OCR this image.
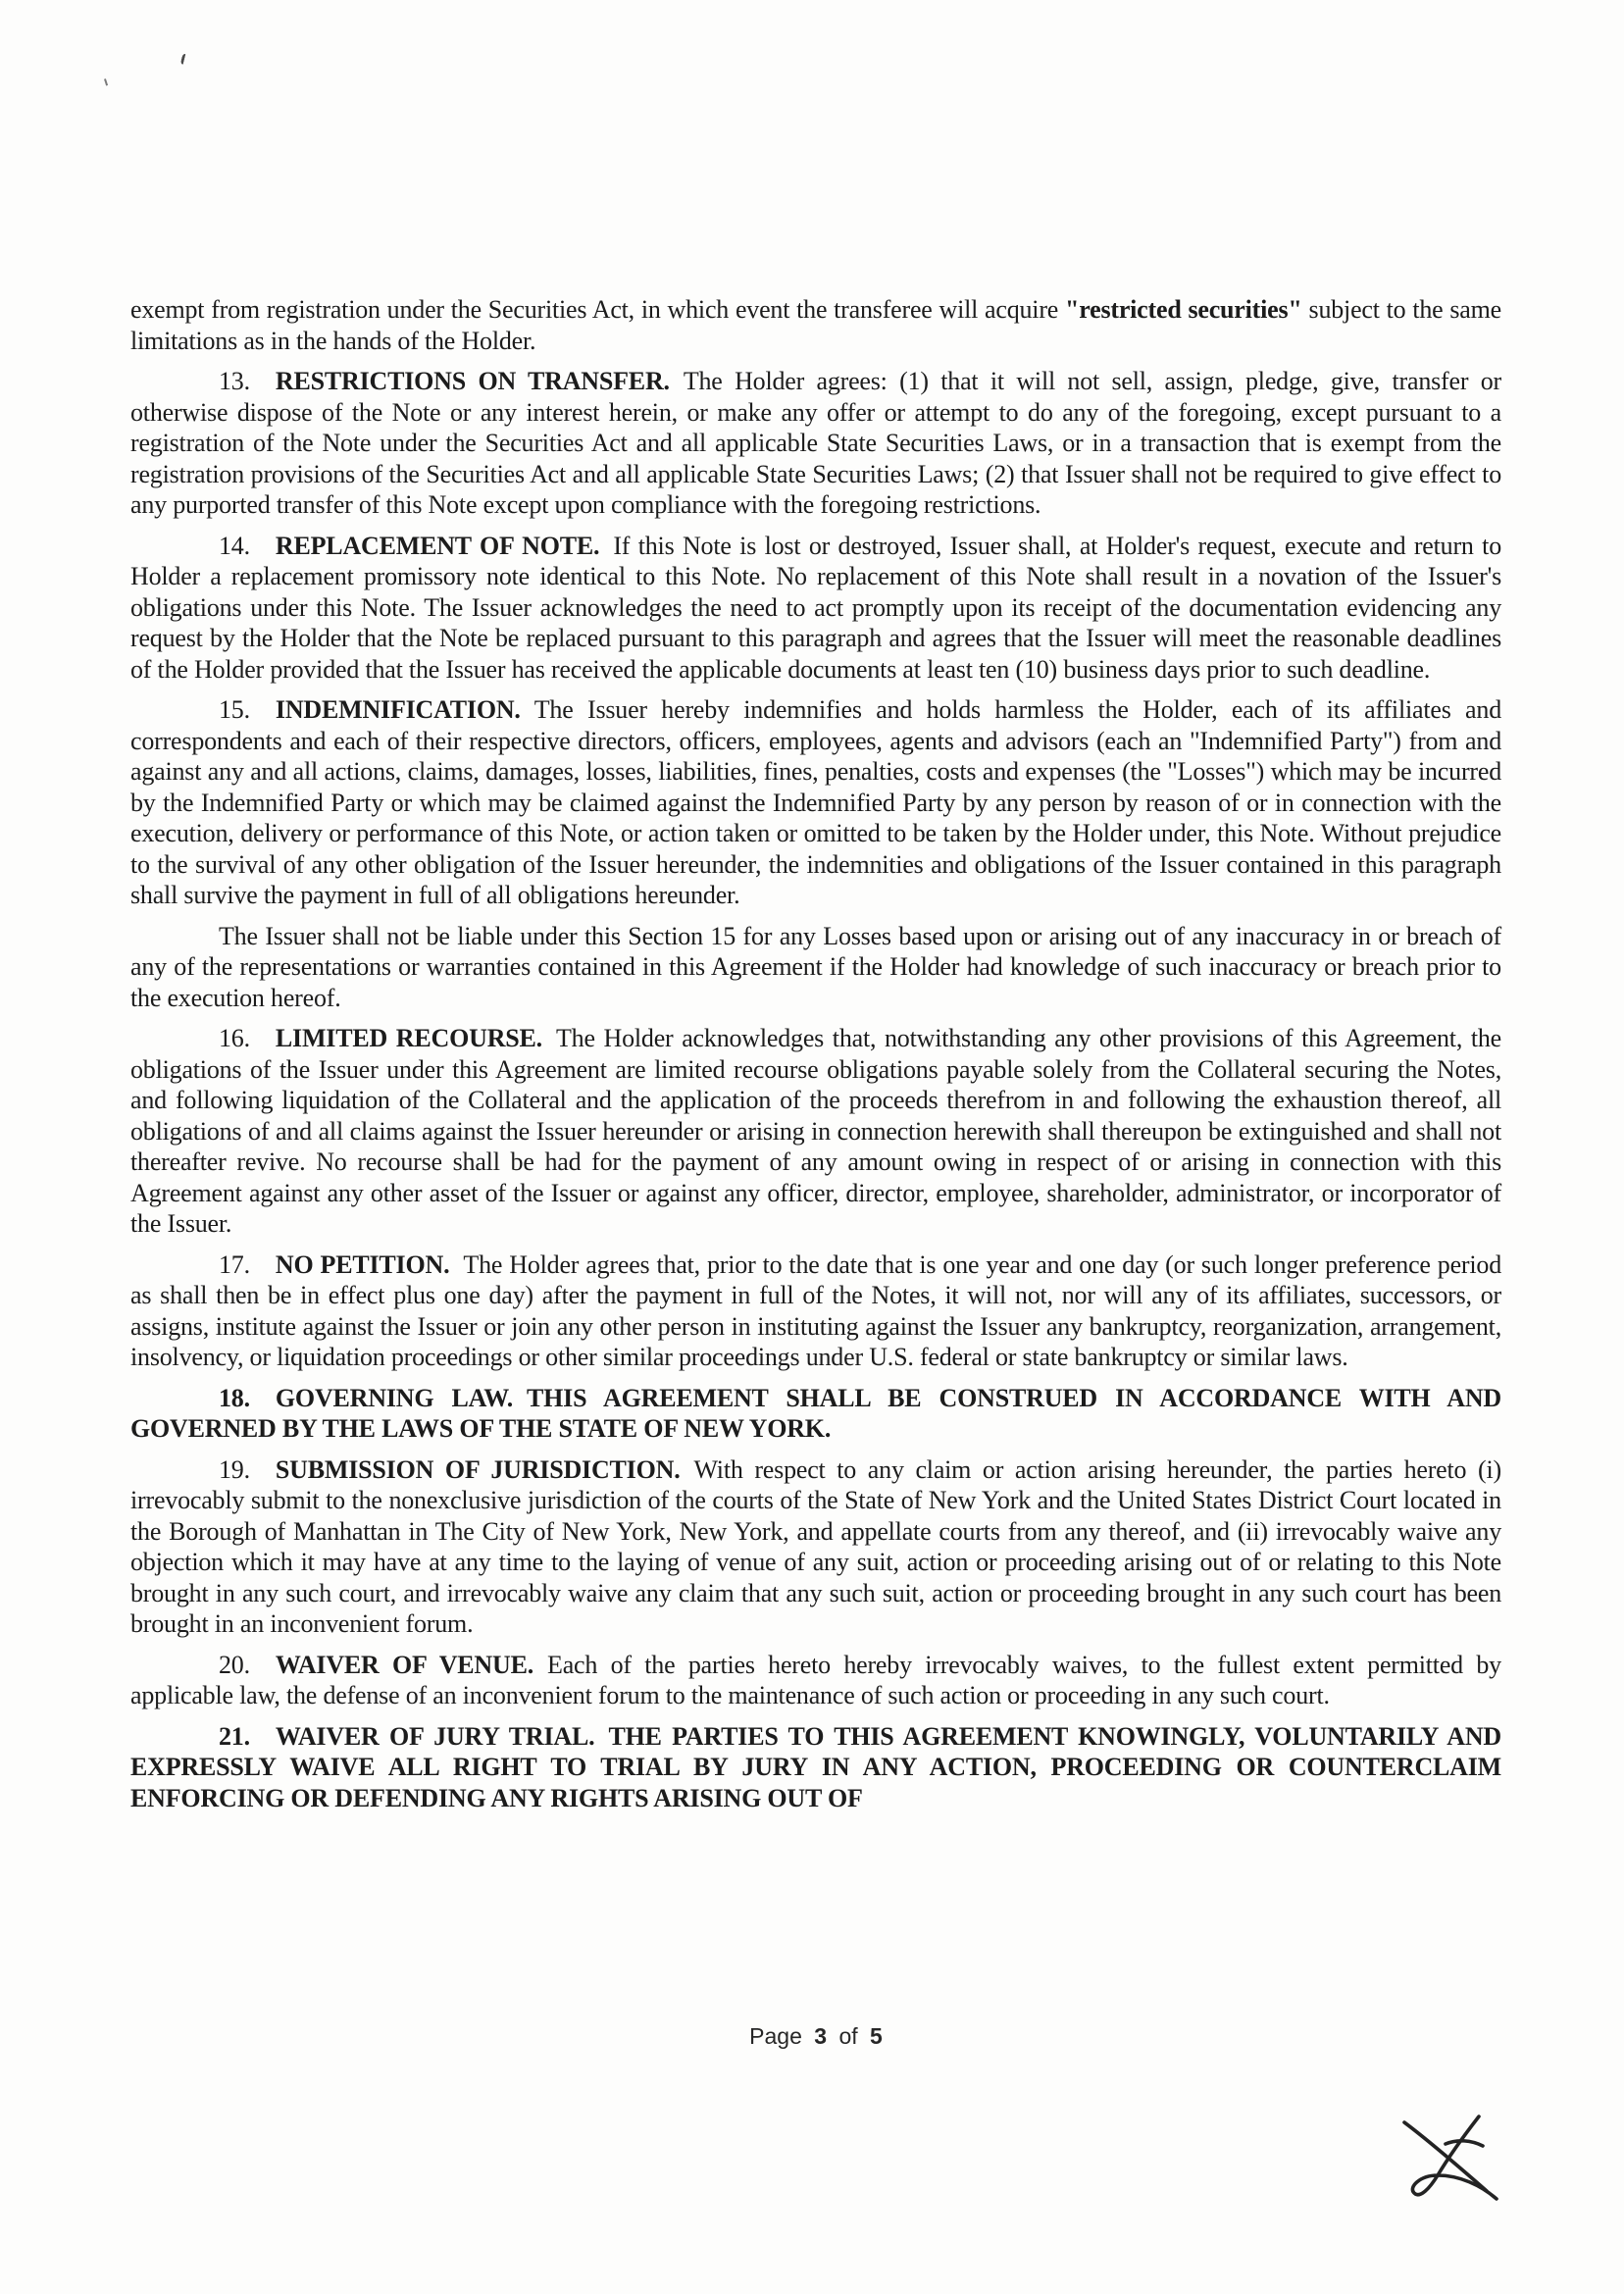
exempt from registration under the Securities Act, in which event the transferee will acquire "restricted securities" subject to the same limitations as in the hands of the Holder.

13. RESTRICTIONS ON TRANSFER. The Holder agrees: (1) that it will not sell, assign, pledge, give, transfer or otherwise dispose of the Note or any interest herein, or make any offer or attempt to do any of the foregoing, except pursuant to a registration of the Note under the Securities Act and all applicable State Securities Laws, or in a transaction that is exempt from the registration provisions of the Securities Act and all applicable State Securities Laws; (2) that Issuer shall not be required to give effect to any purported transfer of this Note except upon compliance with the foregoing restrictions.

14. REPLACEMENT OF NOTE. If this Note is lost or destroyed, Issuer shall, at Holder's request, execute and return to Holder a replacement promissory note identical to this Note. No replacement of this Note shall result in a novation of the Issuer's obligations under this Note. The Issuer acknowledges the need to act promptly upon its receipt of the documentation evidencing any request by the Holder that the Note be replaced pursuant to this paragraph and agrees that the Issuer will meet the reasonable deadlines of the Holder provided that the Issuer has received the applicable documents at least ten (10) business days prior to such deadline.

15. INDEMNIFICATION. The Issuer hereby indemnifies and holds harmless the Holder, each of its affiliates and correspondents and each of their respective directors, officers, employees, agents and advisors (each an "Indemnified Party") from and against any and all actions, claims, damages, losses, liabilities, fines, penalties, costs and expenses (the "Losses") which may be incurred by the Indemnified Party or which may be claimed against the Indemnified Party by any person by reason of or in connection with the execution, delivery or performance of this Note, or action taken or omitted to be taken by the Holder under, this Note. Without prejudice to the survival of any other obligation of the Issuer hereunder, the indemnities and obligations of the Issuer contained in this paragraph shall survive the payment in full of all obligations hereunder.

The Issuer shall not be liable under this Section 15 for any Losses based upon or arising out of any inaccuracy in or breach of any of the representations or warranties contained in this Agreement if the Holder had knowledge of such inaccuracy or breach prior to the execution hereof.

16. LIMITED RECOURSE. The Holder acknowledges that, notwithstanding any other provisions of this Agreement, the obligations of the Issuer under this Agreement are limited recourse obligations payable solely from the Collateral securing the Notes, and following liquidation of the Collateral and the application of the proceeds therefrom in and following the exhaustion thereof, all obligations of and all claims against the Issuer hereunder or arising in connection herewith shall thereupon be extinguished and shall not thereafter revive. No recourse shall be had for the payment of any amount owing in respect of or arising in connection with this Agreement against any other asset of the Issuer or against any officer, director, employee, shareholder, administrator, or incorporator of the Issuer.

17. NO PETITION. The Holder agrees that, prior to the date that is one year and one day (or such longer preference period as shall then be in effect plus one day) after the payment in full of the Notes, it will not, nor will any of its affiliates, successors, or assigns, institute against the Issuer or join any other person in instituting against the Issuer any bankruptcy, reorganization, arrangement, insolvency, or liquidation proceedings or other similar proceedings under U.S. federal or state bankruptcy or similar laws.

18. GOVERNING LAW. THIS AGREEMENT SHALL BE CONSTRUED IN ACCORDANCE WITH AND GOVERNED BY THE LAWS OF THE STATE OF NEW YORK.

19. SUBMISSION OF JURISDICTION. With respect to any claim or action arising hereunder, the parties hereto (i) irrevocably submit to the nonexclusive jurisdiction of the courts of the State of New York and the United States District Court located in the Borough of Manhattan in The City of New York, New York, and appellate courts from any thereof, and (ii) irrevocably waive any objection which it may have at any time to the laying of venue of any suit, action or proceeding arising out of or relating to this Note brought in any such court, and irrevocably waive any claim that any such suit, action or proceeding brought in any such court has been brought in an inconvenient forum.

20. WAIVER OF VENUE. Each of the parties hereto hereby irrevocably waives, to the fullest extent permitted by applicable law, the defense of an inconvenient forum to the maintenance of such action or proceeding in any such court.

21. WAIVER OF JURY TRIAL. THE PARTIES TO THIS AGREEMENT KNOWINGLY, VOLUNTARILY AND EXPRESSLY WAIVE ALL RIGHT TO TRIAL BY JURY IN ANY ACTION, PROCEEDING OR COUNTERCLAIM ENFORCING OR DEFENDING ANY RIGHTS ARISING OUT OF

Page 3 of 5
